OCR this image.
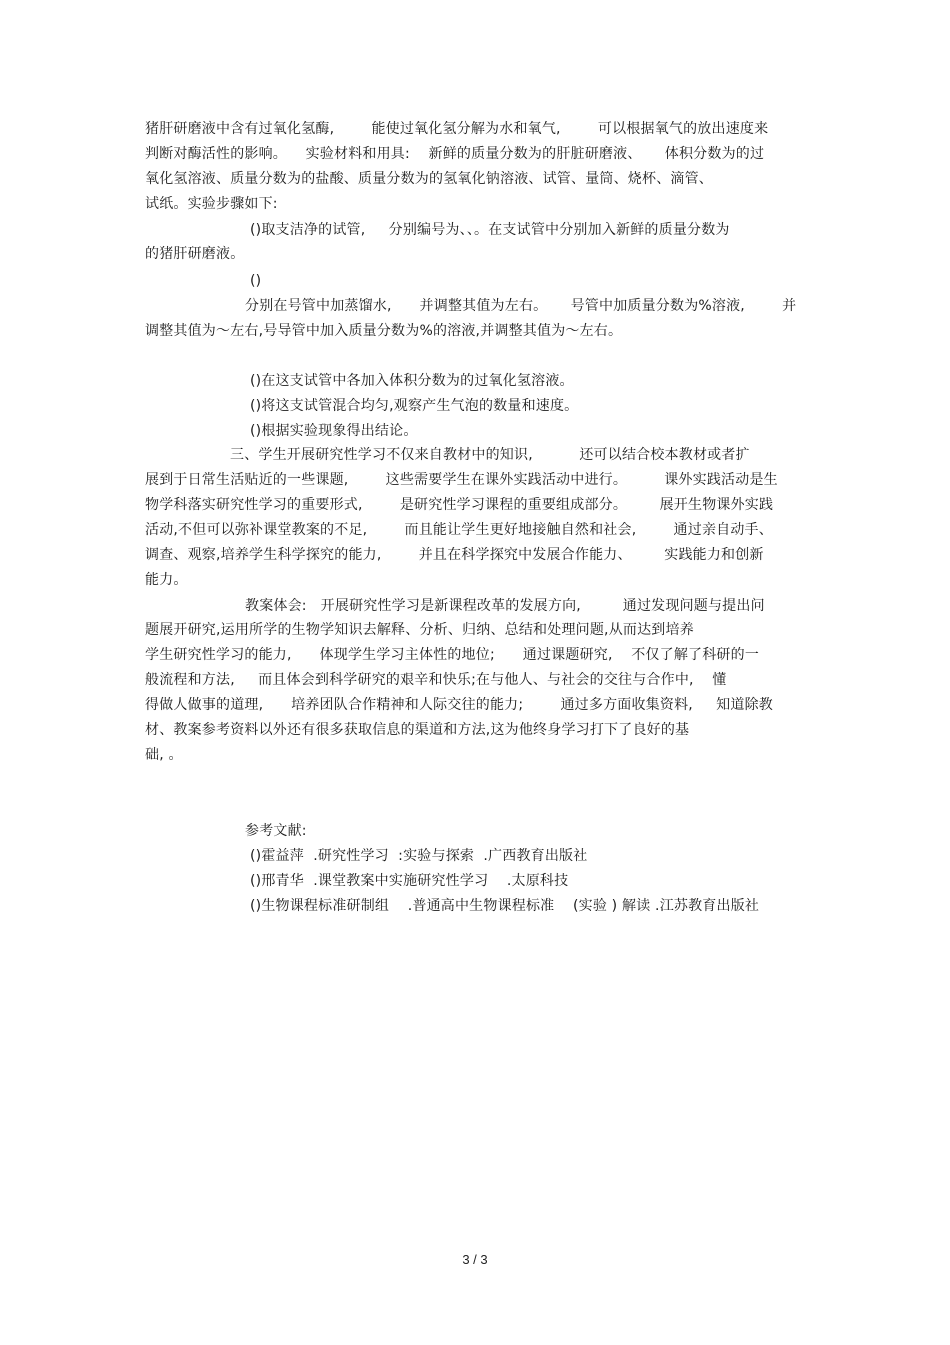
猪肝研磨液中含有过氧化氢酶,        能使过氧化氢分解为水和氧气,        可以根据氧气的放出速度来
判断对酶活性的影响。    实验材料和用具:    新鲜的质量分数为的肝脏研磨液、     体积分数为的过
氧化氢溶液、质量分数为的盐酸、质量分数为的氢氧化钠溶液、试管、量筒、烧杯、滴管、
试纸。实验步骤如下:
()取支洁净的试管,     分别编号为、、。在支试管中分别加入新鲜的质量分数为
的猪肝研磨液。
()
分别在号管中加蒸馏水,      并调整其值为左右。     号管中加质量分数为%溶液,        并
调整其值为～左右,号导管中加入质量分数为%的溶液,并调整其值为～左右。
()在这支试管中各加入体积分数为的过氧化氢溶液。
()将这支试管混合均匀,观察产生气泡的数量和速度。
()根据实验现象得出结论。
三、学生开展研究性学习不仅来自教材中的知识,          还可以结合校本教材或者扩
展到于日常生活贴近的一些课题,        这些需要学生在课外实践活动中进行。        课外实践活动是生
物学科落实研究性学习的重要形式,        是研究性学习课程的重要组成部分。       展开生物课外实践
活动,不但可以弥补课堂教案的不足,        而且能让学生更好地接触自然和社会,        通过亲自动手、
调查、观察,培养学生科学探究的能力,        并且在科学探究中发展合作能力、       实践能力和创新
能力。
教案体会:   开展研究性学习是新课程改革的发展方向,         通过发现问题与提出问
题展开研究,运用所学的生物学知识去解释、分析、归纳、总结和处理问题,从而达到培养
学生研究性学习的能力,      体现学生学习主体性的地位;      通过课题研究,    不仅了解了科研的一
般流程和方法,     而且体会到科学研究的艰辛和快乐;在与他人、与社会的交往与合作中,    懂
得做人做事的道理,      培养团队合作精神和人际交往的能力;        通过多方面收集资料,     知道除教
材、教案参考资料以外还有很多获取信息的渠道和方法,这为他终身学习打下了良好的基
础, 。
参考文献:
()霍益萍  .研究性学习  :实验与探索  .广西教育出版社
()邢青华  .课堂教案中实施研究性学习    .太原科技
()生物课程标准研制组    .普通高中生物课程标准    (实验 ) 解读 .江苏教育出版社
3 / 3
